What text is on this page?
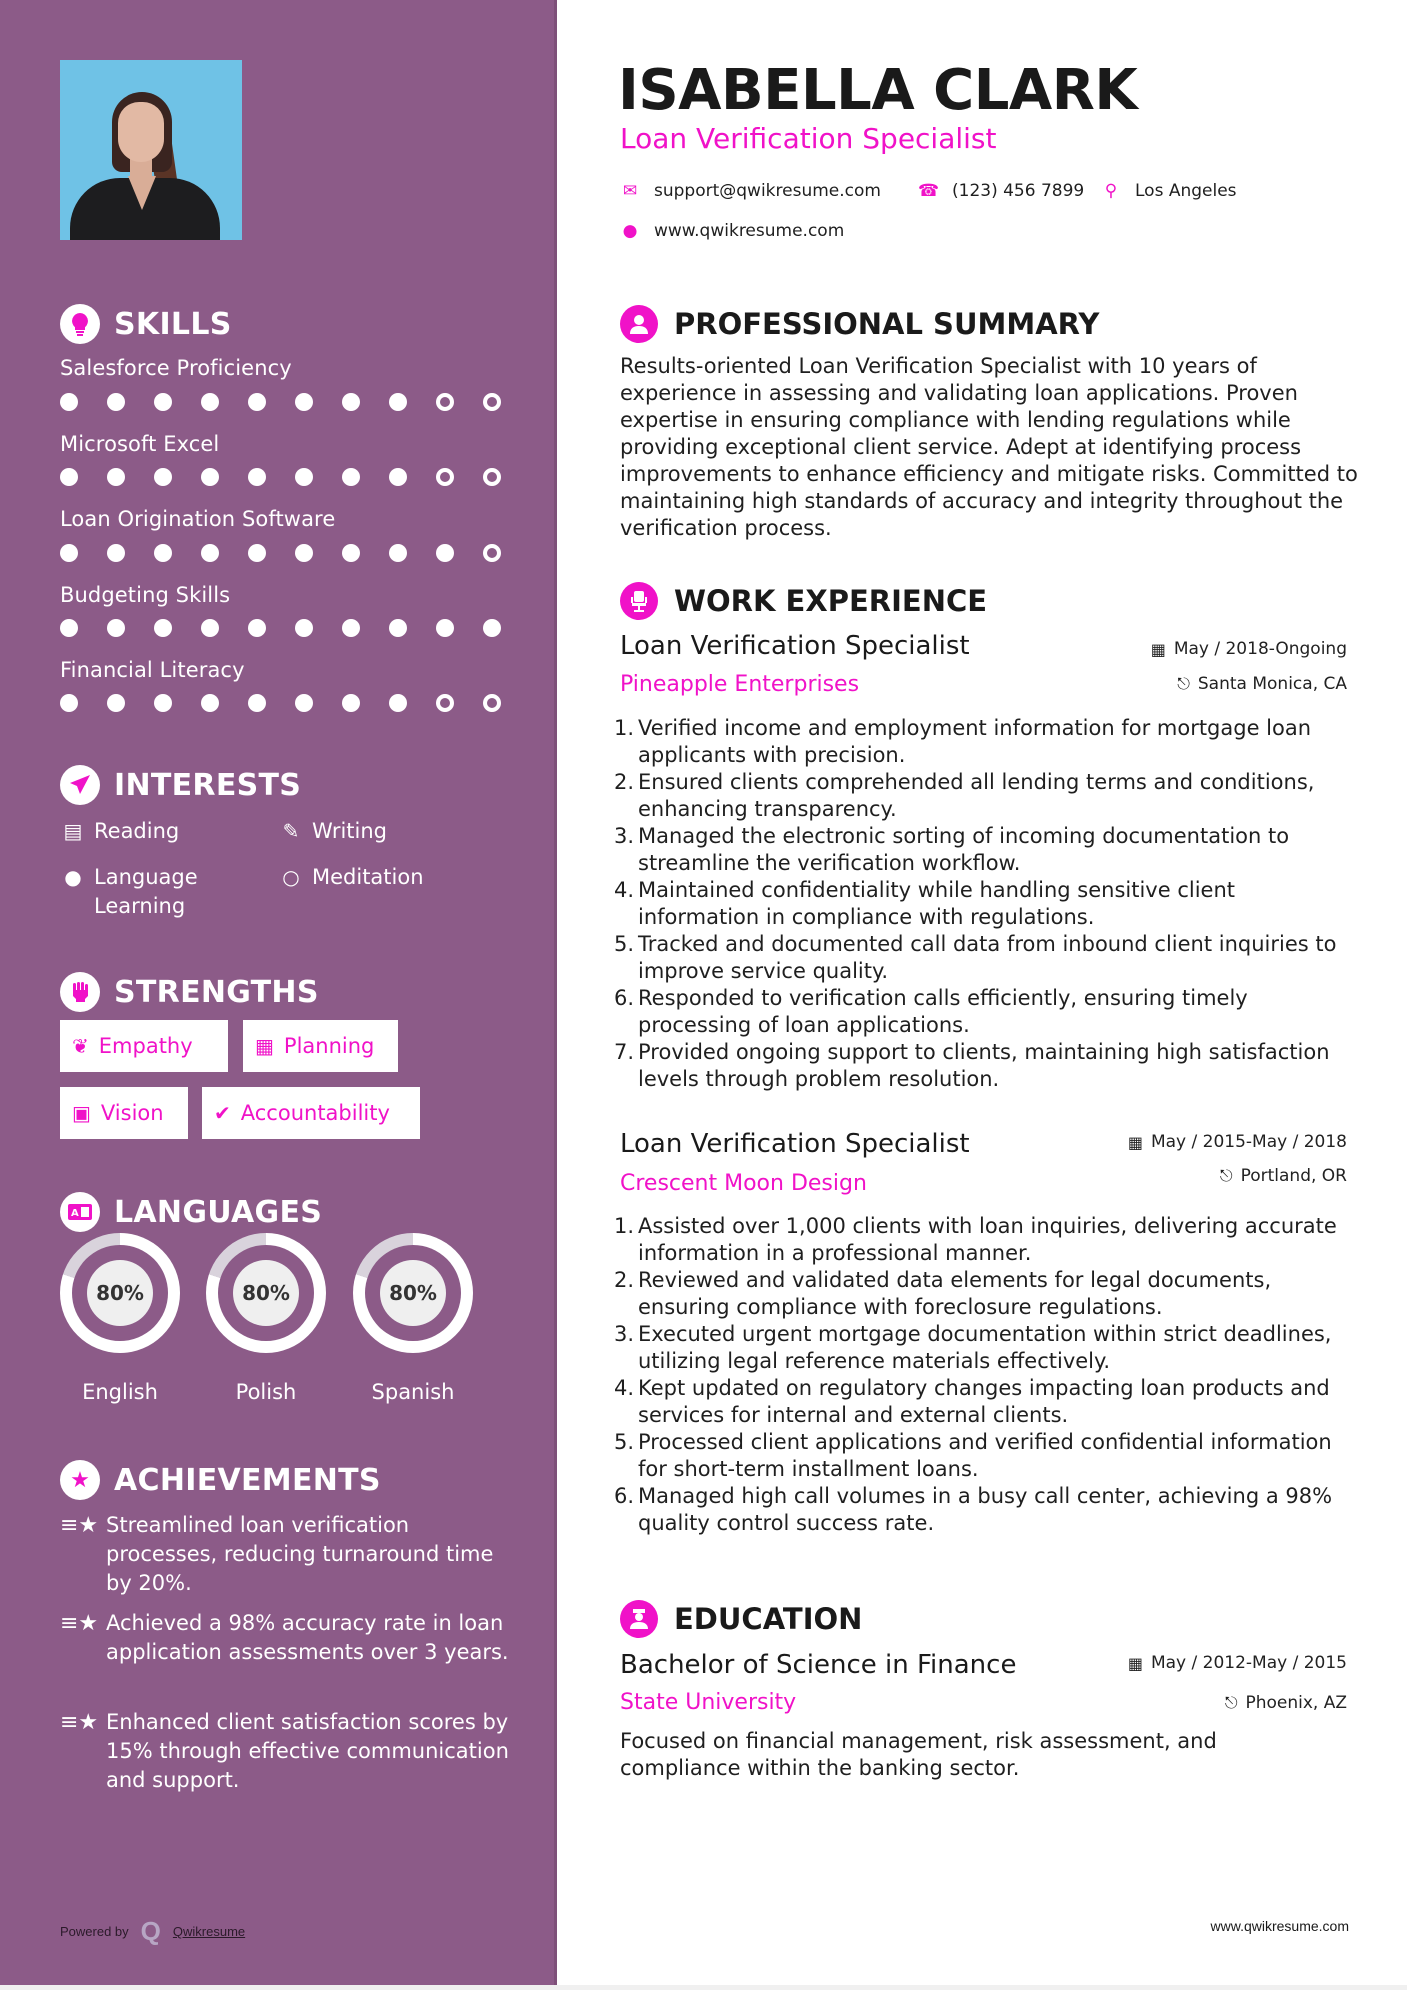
SKILLS
Salesforce Proficiency
Microsoft Excel
Loan Origination Software
Budgeting Skills
Financial Literacy
INTERESTS
▤ Reading	✎ Writing
● Language
Learning
○ Meditation
STRENGTHS
❦ Empathy	▦ Planning
▣ Vision	✔ Accountability
A LANGUAGES
80%
English
80%
Polish
80%
Spanish
★ ACHIEVEMENTS
≡★ Streamlined loan verification processes, reducing turnaround time by 20%.
≡★ Achieved a 98% accuracy rate in loan application assessments over 3 years.
≡★ Enhanced client satisfaction scores by 15% through effective communication and support.
Powered by Q Qwikresume
ISABELLA CLARK
Loan Verification Specialist
✉ support@qwikresume.com ☎ (123) 456 7899 ⚲ Los Angeles
● www.qwikresume.com
PROFESSIONAL SUMMARY

Results-oriented Loan Verification Specialist with 10 years of experience in assessing and validating loan applications. Proven expertise in ensuring compliance with lending regulations while providing exceptional client service. Adept at identifying process improvements to enhance efficiency and mitigate risks. Committed to maintaining high standards of accuracy and integrity throughout the verification process.

WORK EXPERIENCE
Loan Verification Specialist	▦ May / 2018-Ongoing
Pineapple Enterprises	⎋ Santa Monica, CA
1. Verified income and employment information for mortgage loan applicants with precision.
2. Ensured clients comprehended all lending terms and conditions, enhancing transparency.
3. Managed the electronic sorting of incoming documentation to streamline the verification workflow.
4. Maintained confidentiality while handling sensitive client information in compliance with regulations.
5. Tracked and documented call data from inbound client inquiries to improve service quality.
6. Responded to verification calls efficiently, ensuring timely processing of loan applications.
7. Provided ongoing support to clients, maintaining high satisfaction levels through problem resolution.
Loan Verification Specialist	▦ May / 2015-May / 2018
Crescent Moon Design	⎋ Portland, OR
1. Assisted over 1,000 clients with loan inquiries, delivering accurate information in a professional manner.
2. Reviewed and validated data elements for legal documents, ensuring compliance with foreclosure regulations.
3. Executed urgent mortgage documentation within strict deadlines, utilizing legal reference materials effectively.
4. Kept updated on regulatory changes impacting loan products and services for internal and external clients.
5. Processed client applications and verified confidential information for short-term installment loans.
6. Managed high call volumes in a busy call center, achieving a 98% quality control success rate.
EDUCATION
Bachelor of Science in Finance	▦ May / 2012-May / 2015
State University	⎋ Phoenix, AZ

Focused on financial management, risk assessment, and compliance within the banking sector.

www.qwikresume.com
